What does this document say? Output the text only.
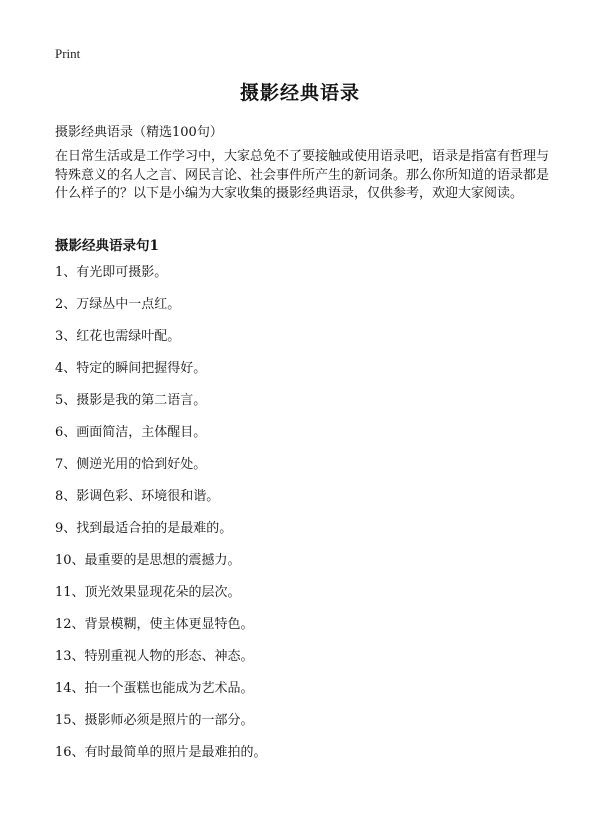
Print
摄影经典语录

摄影经典语录（精选100句）

在日常生活或是工作学习中，大家总免不了要接触或使用语录吧，语录是指富有哲理与特殊意义的名人之言、网民言论、社会事件所产生的新词条。那么你所知道的语录都是什么样子的？以下是小编为大家收集的摄影经典语录，仅供参考，欢迎大家阅读。

摄影经典语录句1
1、有光即可摄影。
2、万绿丛中一点红。
3、红花也需绿叶配。
4、特定的瞬间把握得好。
5、摄影是我的第二语言。
6、画面简洁，主体醒目。
7、侧逆光用的恰到好处。
8、影调色彩、环境很和谐。
9、找到最适合拍的是最难的。
10、最重要的是思想的震撼力。
11、顶光效果显现花朵的层次。
12、背景模糊，使主体更显特色。
13、特别重视人物的形态、神态。
14、拍一个蛋糕也能成为艺术品。
15、摄影师必须是照片的一部分。
16、有时最简单的照片是最难拍的。
